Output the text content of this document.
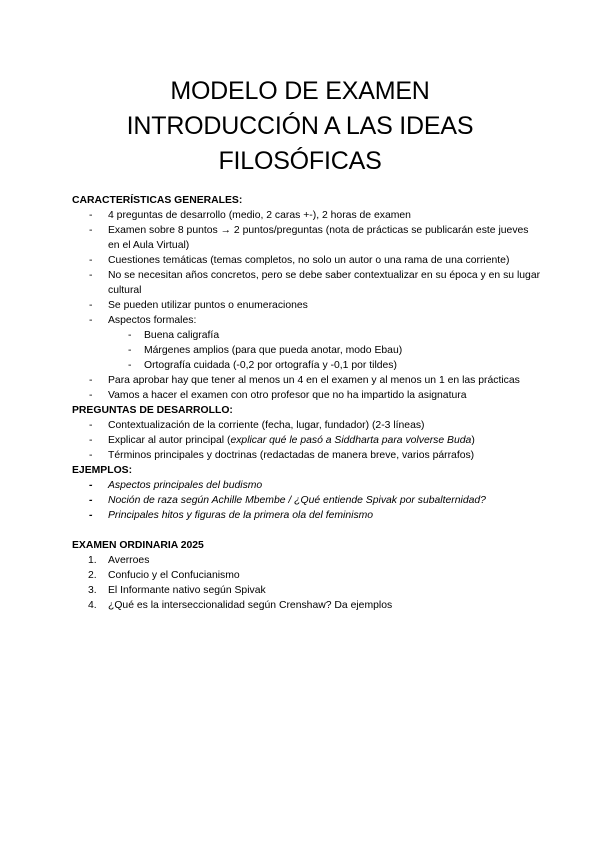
MODELO DE EXAMEN
INTRODUCCIÓN A LAS IDEAS
FILOSÓFICAS

CARACTERÍSTICAS GENERALES:

- 4 preguntas de desarrollo (medio, 2 caras +-), 2 horas de examen
- Examen sobre 8 puntos → 2 puntos/preguntas (nota de prácticas se publicarán este jueves en el Aula Virtual)
- Cuestiones temáticas (temas completos, no solo un autor o una rama de una corriente)
- No se necesitan años concretos, pero se debe saber contextualizar en su época y en su lugar cultural
- Se pueden utilizar puntos o enumeraciones
- Aspectos formales:
- Buena caligrafía
- Márgenes amplios (para que pueda anotar, modo Ebau)
- Ortografía cuidada (-0,2 por ortografía y -0,1 por tildes)
- Para aprobar hay que tener al menos un 4 en el examen y al menos un 1 en las prácticas
- Vamos a hacer el examen con otro profesor que no ha impartido la asignatura

PREGUNTAS DE DESARROLLO:

- Contextualización de la corriente (fecha, lugar, fundador) (2-3 líneas)
- Explicar al autor principal (explicar qué le pasó a Siddharta para volverse Buda)
- Términos principales y doctrinas (redactadas de manera breve, varios párrafos)

EJEMPLOS:

- Aspectos principales del budismo
- Noción de raza según Achille Mbembe / ¿Qué entiende Spivak por subalternidad?
- Principales hitos y figuras de la primera ola del feminismo

EXAMEN ORDINARIA 2025

1. Averroes
2. Confucio y el Confucianismo
3. El Informante nativo según Spivak
4. ¿Qué es la interseccionalidad según Crenshaw? Da ejemplos
